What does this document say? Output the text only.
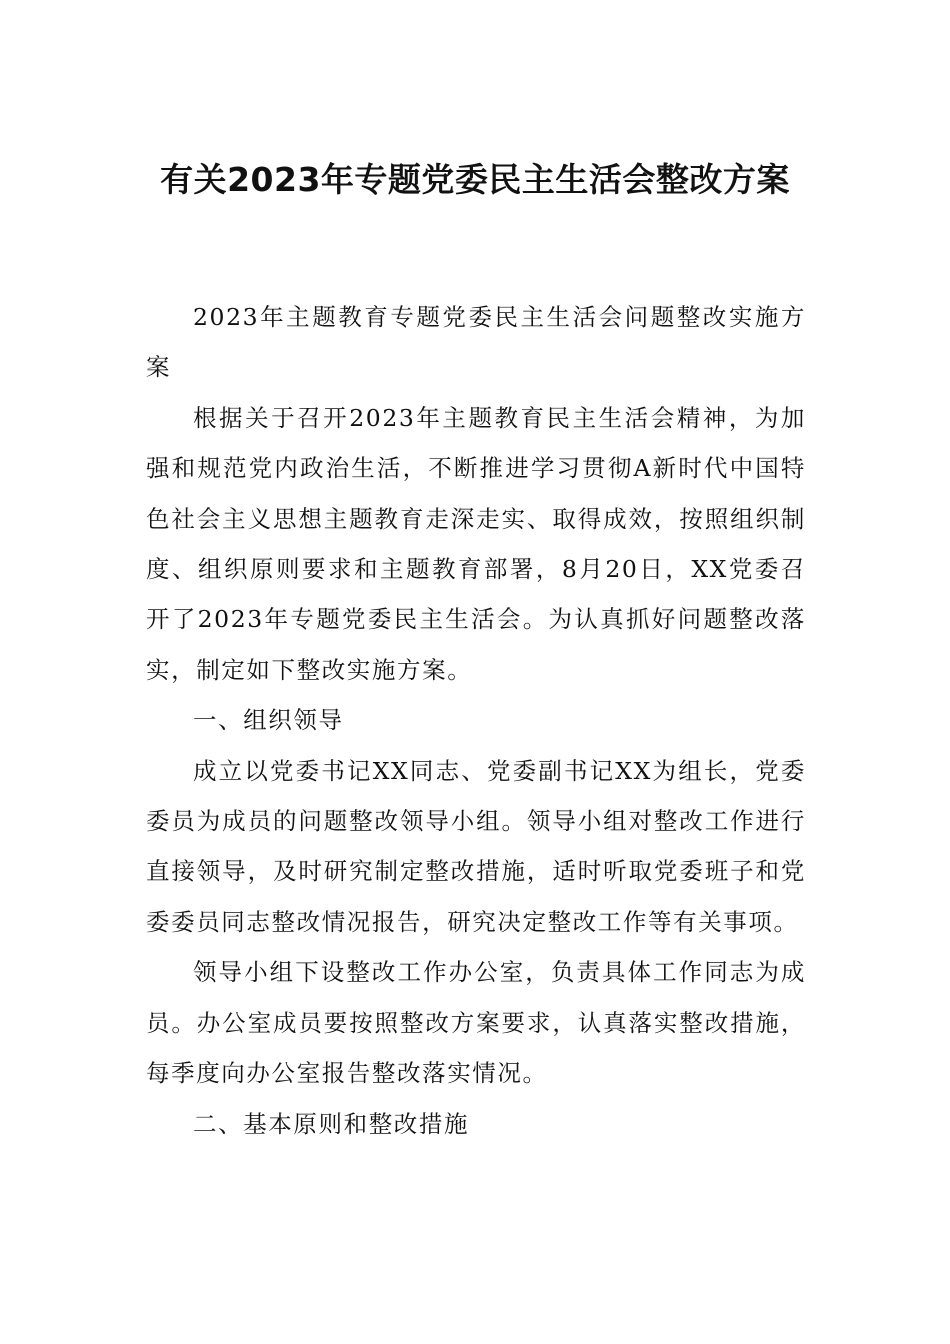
有关2023年专题党委民主生活会整改方案

2023年主题教育专题党委民主生活会问题整改实施方案

根据关于召开2023年主题教育民主生活会精神，为加强和规范党内政治生活，不断推进学习贯彻A新时代中国特色社会主义思想主题教育走深走实、取得成效，按照组织制度、组织原则要求和主题教育部署，8月20日，XX党委召开了2023年专题党委民主生活会。为认真抓好问题整改落实，制定如下整改实施方案。

一、组织领导

成立以党委书记XX同志、党委副书记XX为组长，党委委员为成员的问题整改领导小组。领导小组对整改工作进行直接领导，及时研究制定整改措施，适时听取党委班子和党委委员同志整改情况报告，研究决定整改工作等有关事项。

领导小组下设整改工作办公室，负责具体工作同志为成员。办公室成员要按照整改方案要求，认真落实整改措施，每季度向办公室报告整改落实情况。

二、基本原则和整改措施
